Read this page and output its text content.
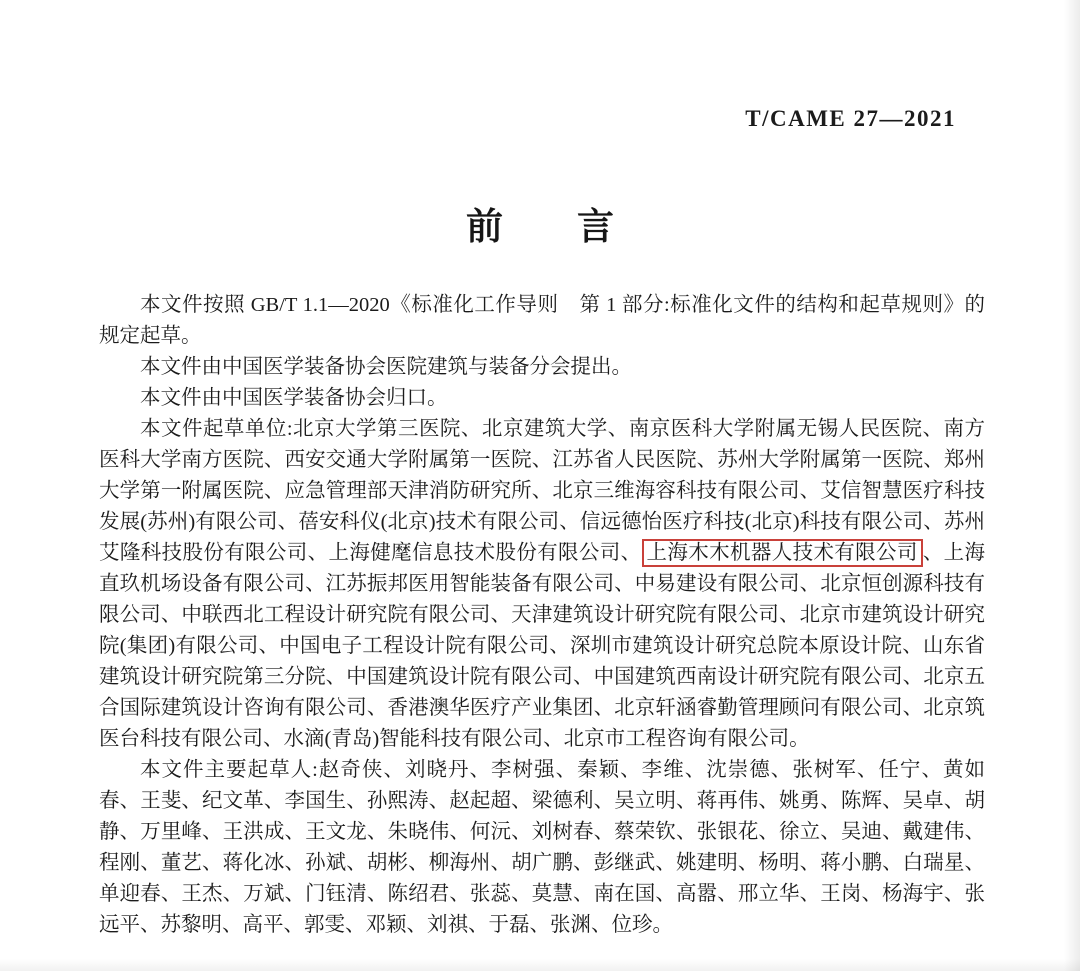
T/CAME 27—2021
前　　言

本文件按照 GB/T 1.1—2020《标准化工作导则　第 1 部分:标准化文件的结构和起草规则》的规定起草。

本文件由中国医学装备协会医院建筑与装备分会提出。

本文件由中国医学装备协会归口。

本文件起草单位:北京大学第三医院、北京建筑大学、南京医科大学附属无锡人民医院、南方医科大学南方医院、西安交通大学附属第一医院、江苏省人民医院、苏州大学附属第一医院、郑州大学第一附属医院、应急管理部天津消防研究所、北京三维海容科技有限公司、艾信智慧医疗科技发展(苏州)有限公司、蓓安科仪(北京)技术有限公司、信远德怡医疗科技(北京)科技有限公司、苏州艾隆科技股份有限公司、上海健麾信息技术股份有限公司、 上海木木机器人技术有限公司 、上海直玖机场设备有限公司、江苏振邦医用智能装备有限公司、中易建设有限公司、北京恒创源科技有限公司、中联西北工程设计研究院有限公司、天津建筑设计研究院有限公司、北京市建筑设计研究院(集团)有限公司、中国电子工程设计院有限公司、深圳市建筑设计研究总院本原设计院、山东省建筑设计研究院第三分院、中国建筑设计院有限公司、中国建筑西南设计研究院有限公司、北京五合国际建筑设计咨询有限公司、香港澳华医疗产业集团、北京轩涵睿勤管理顾问有限公司、北京筑医台科技有限公司、水滴(青岛)智能科技有限公司、北京市工程咨询有限公司。

本文件主要起草人:赵奇侠、刘晓丹、李树强、秦颖、李维、沈崇德、张树军、任宁、黄如春、王斐、纪文革、李国生、孙熙涛、赵起超、梁德利、吴立明、蒋再伟、姚勇、陈辉、吴卓、胡静、万里峰、王洪成、王文龙、朱晓伟、何沅、刘树春、蔡荣钦、张银花、徐立、吴迪、戴建伟、程刚、董艺、蒋化冰、孙斌、胡彬、柳海州、胡广鹏、彭继武、姚建明、杨明、蒋小鹏、白瑞星、单迎春、王杰、万斌、门钰清、陈绍君、张蕊、莫慧、南在国、高嚣、邢立华、王岗、杨海宇、张远平、苏黎明、高平、郭雯、邓颖、刘祺、于磊、张渊、位珍。
